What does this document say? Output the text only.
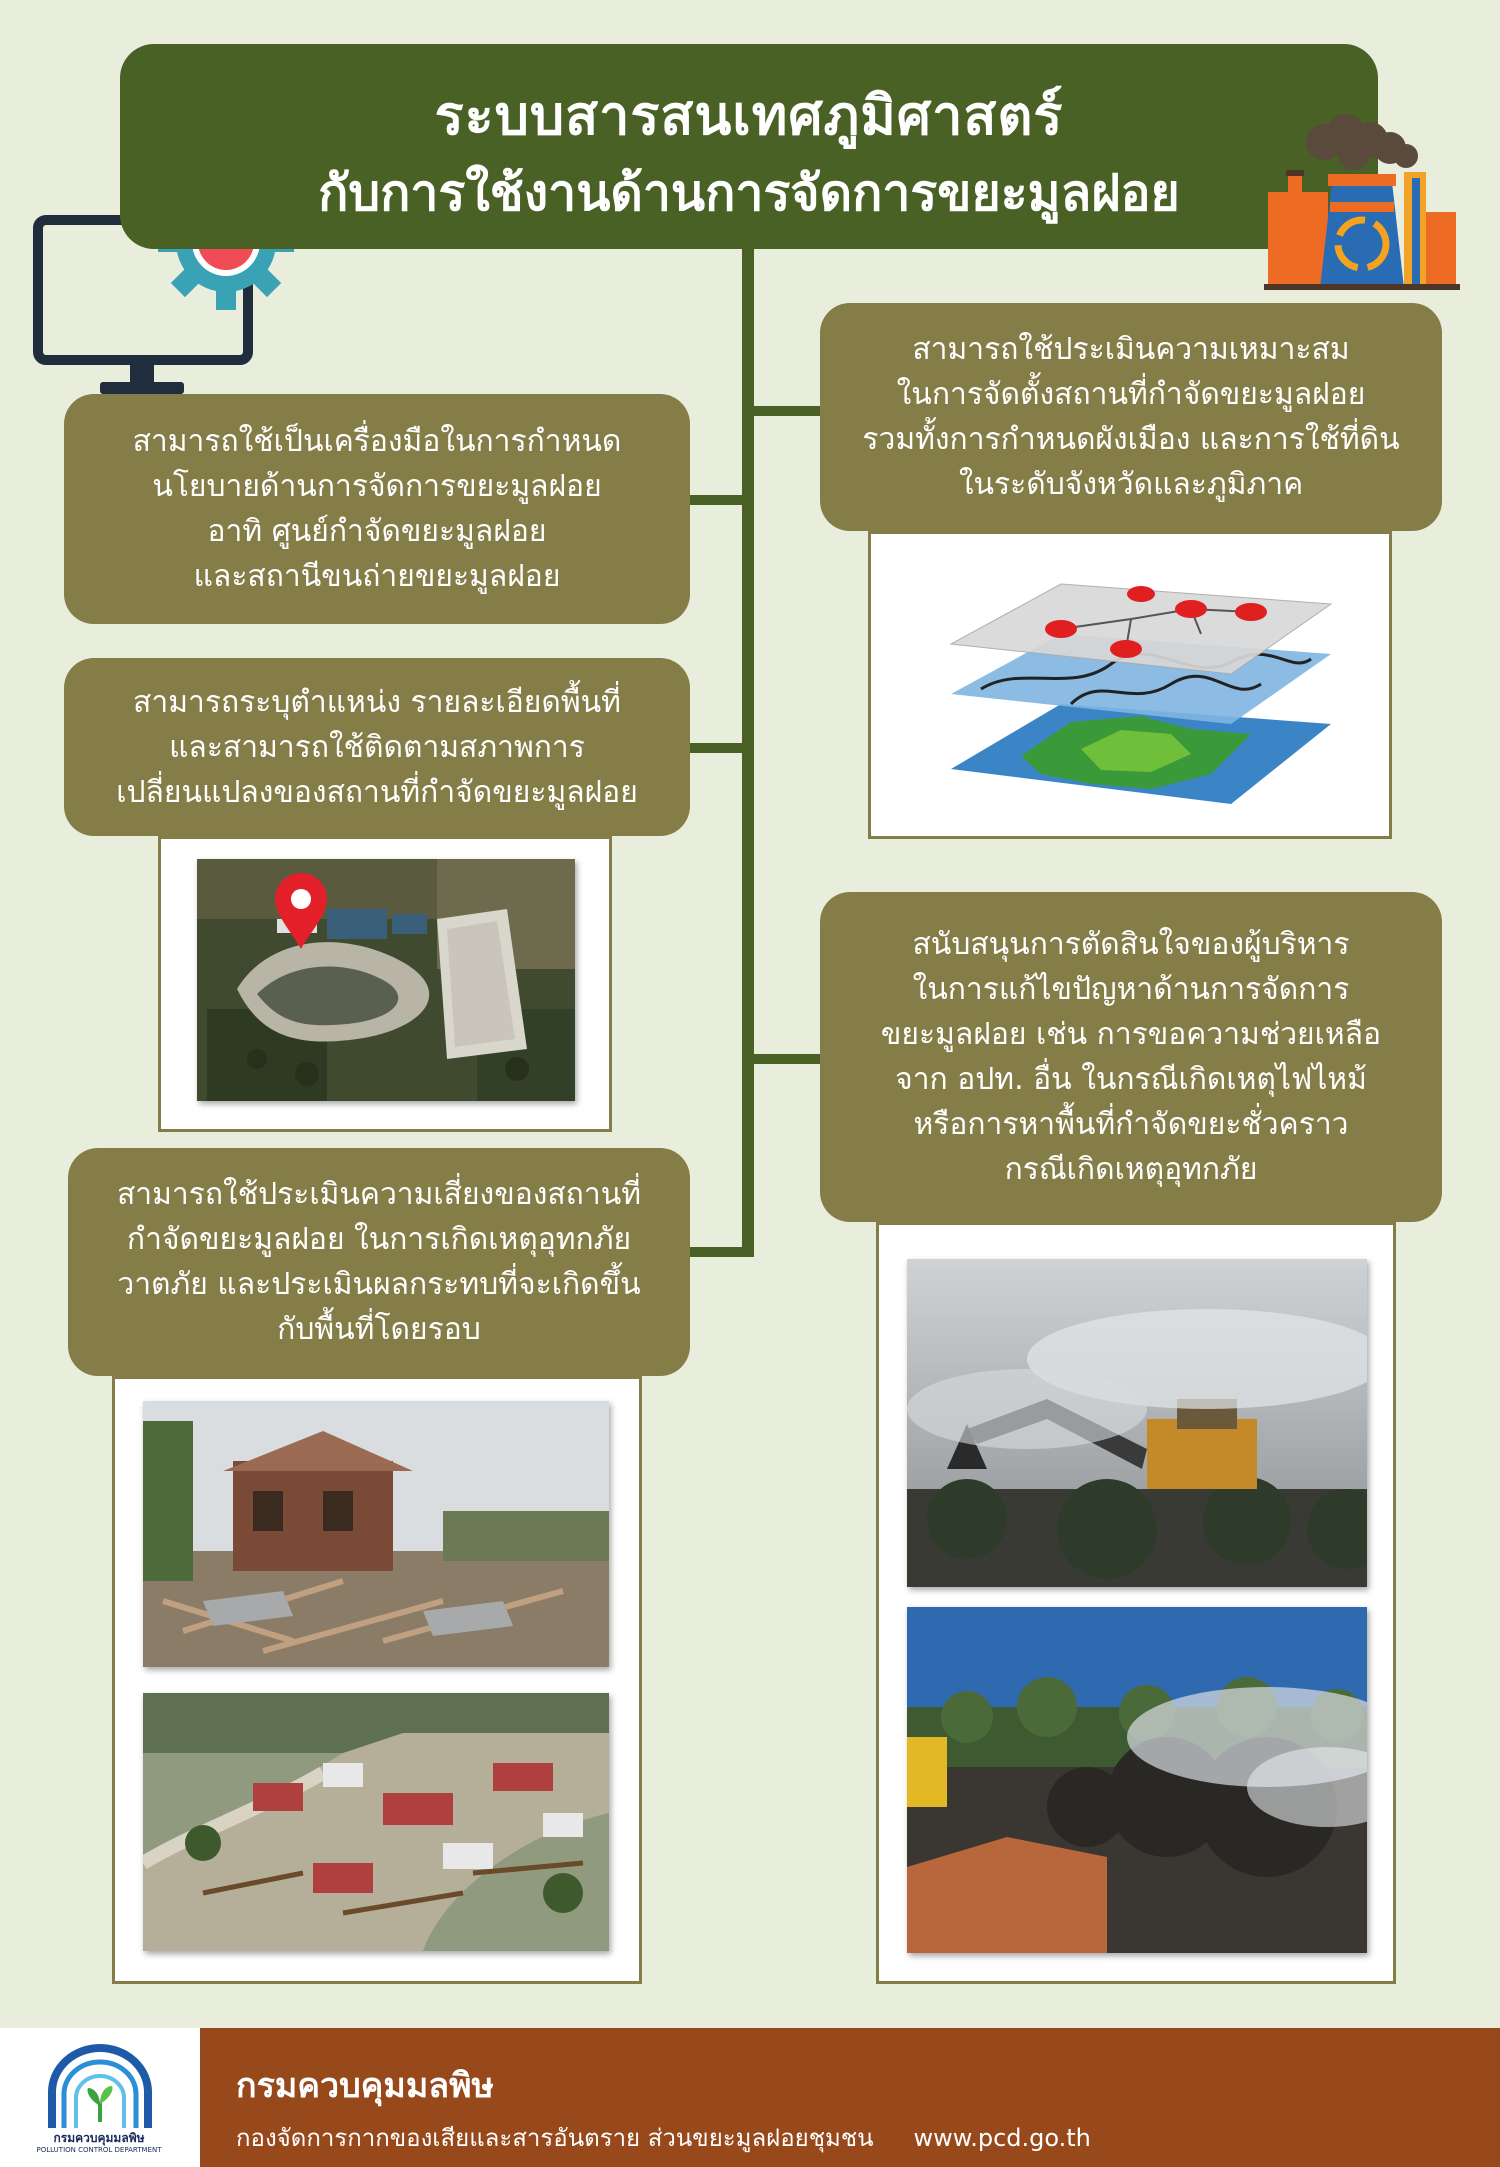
ระบบสารสนเทศภูมิศาสตร์
กับการใช้งานด้านการจัดการขยะมูลฝอย
สามารถใช้เป็นเครื่องมือในการกำหนด
นโยบายด้านการจัดการขยะมูลฝอย
อาทิ ศูนย์กำจัดขยะมูลฝอย
และสถานีขนถ่ายขยะมูลฝอย
สามารถใช้ประเมินความเหมาะสม
ในการจัดตั้งสถานที่กำจัดขยะมูลฝอย
รวมทั้งการกำหนดผังเมือง และการใช้ที่ดิน
ในระดับจังหวัดและภูมิภาค
สามารถระบุตำแหน่ง รายละเอียดพื้นที่
และสามารถใช้ติดตามสภาพการ
เปลี่ยนแปลงของสถานที่กำจัดขยะมูลฝอย
สนับสนุนการตัดสินใจของผู้บริหาร
ในการแก้ไขปัญหาด้านการจัดการ
ขยะมูลฝอย เช่น การขอความช่วยเหลือ
จาก อปท. อื่น ในกรณีเกิดเหตุไฟไหม้
หรือการหาพื้นที่กำจัดขยะชั่วคราว
กรณีเกิดเหตุอุทกภัย
สามารถใช้ประเมินความเสี่ยงของสถานที่
กำจัดขยะมูลฝอย ในการเกิดเหตุอุทกภัย
วาตภัย และประเมินผลกระทบที่จะเกิดขึ้น
กับพื้นที่โดยรอบ
กรมควบคุมมลพิษ
POLLUTION CONTROL DEPARTMENT
กรมควบคุมมลพิษ
กองจัดการกากของเสียและสารอันตราย ส่วนขยะมูลฝอยชุมชน www.pcd.go.th
